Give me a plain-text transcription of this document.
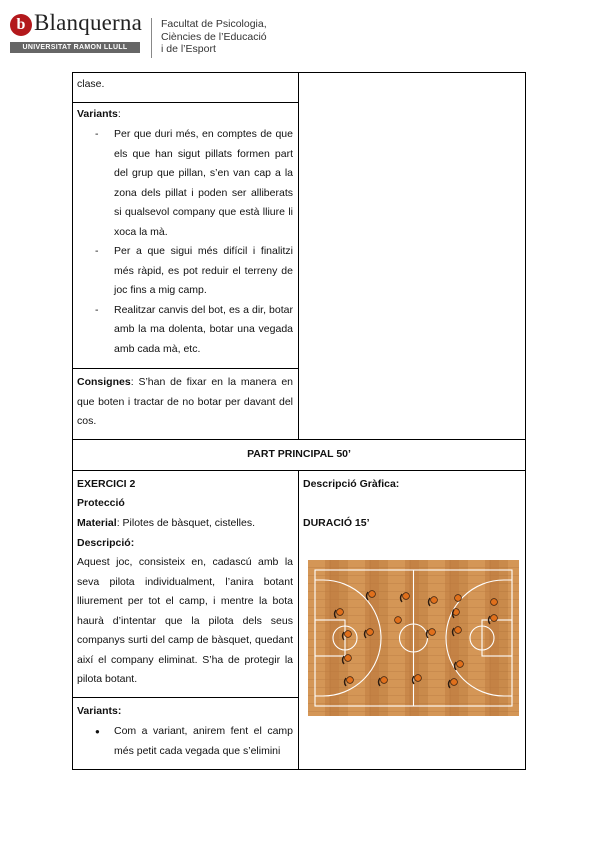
b Blanquerna
UNIVERSITAT RAMON LLULL
Facultat de Psicologia,
Ciències de l’Educació
i de l’Esport
clase.
Variants:
- Per que duri més, en comptes de que els que han sigut pillats formen part del grup que pillan, s’en van cap a la zona dels pillat i poden ser alliberats si qualsevol company que està lliure li xoca la mà.
- Per a que sigui més difícil i finalitzi més ràpid, es pot reduir el terreny de joc fins a mig camp.
- Realitzar canvis del bot, es a dir, botar amb la ma dolenta, botar una vegada amb cada mà, etc.
Consignes: S’han de fixar en la manera en que boten i tractar de no botar per davant del cos.
PART PRINCIPAL 50’
EXERCICI 2
Protecció
Material: Pilotes de bàsquet, cistelles.
Descripció:
Aquest joc, consisteix en, cadascú amb la seva pilota individualment, l’anira botant lliurement per tot el camp, i mentre la bota haurà d’intentar que la pilota dels seus companys surti del camp de bàsquet, quedant així el company eliminat. S’ha de protegir la pilota botant.
Variants:
● Com a variant, anirem fent el camp més petit cada vegada que s’elimini
Descripció Gràfica:
DURACIÓ 15’
